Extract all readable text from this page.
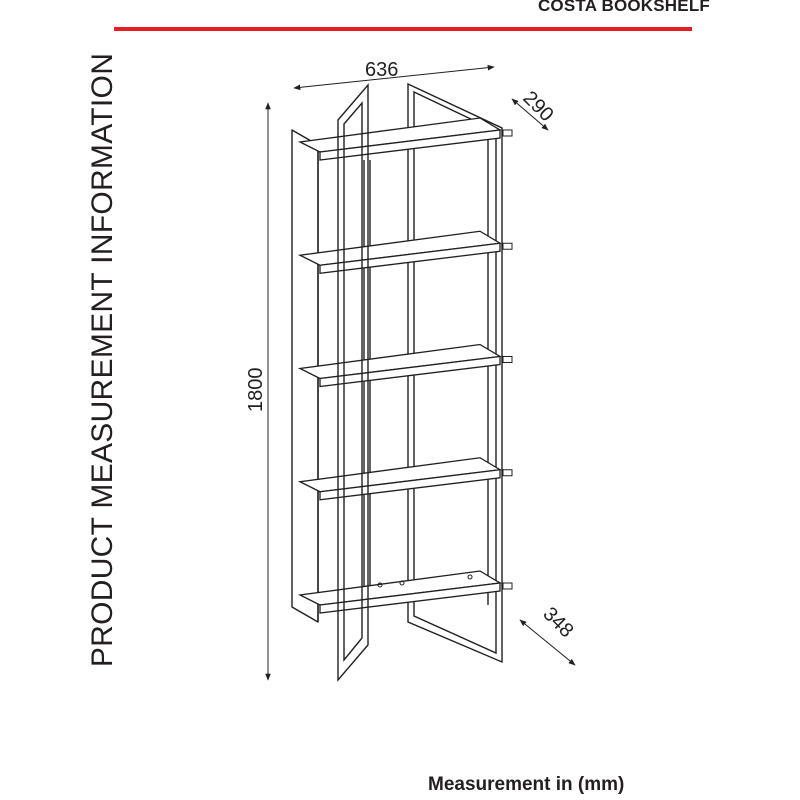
COSTA BOOKSHELF
PRODUCT MEASUREMENT INFORMATION	636
290
1800
348
Measurement in (mm)
